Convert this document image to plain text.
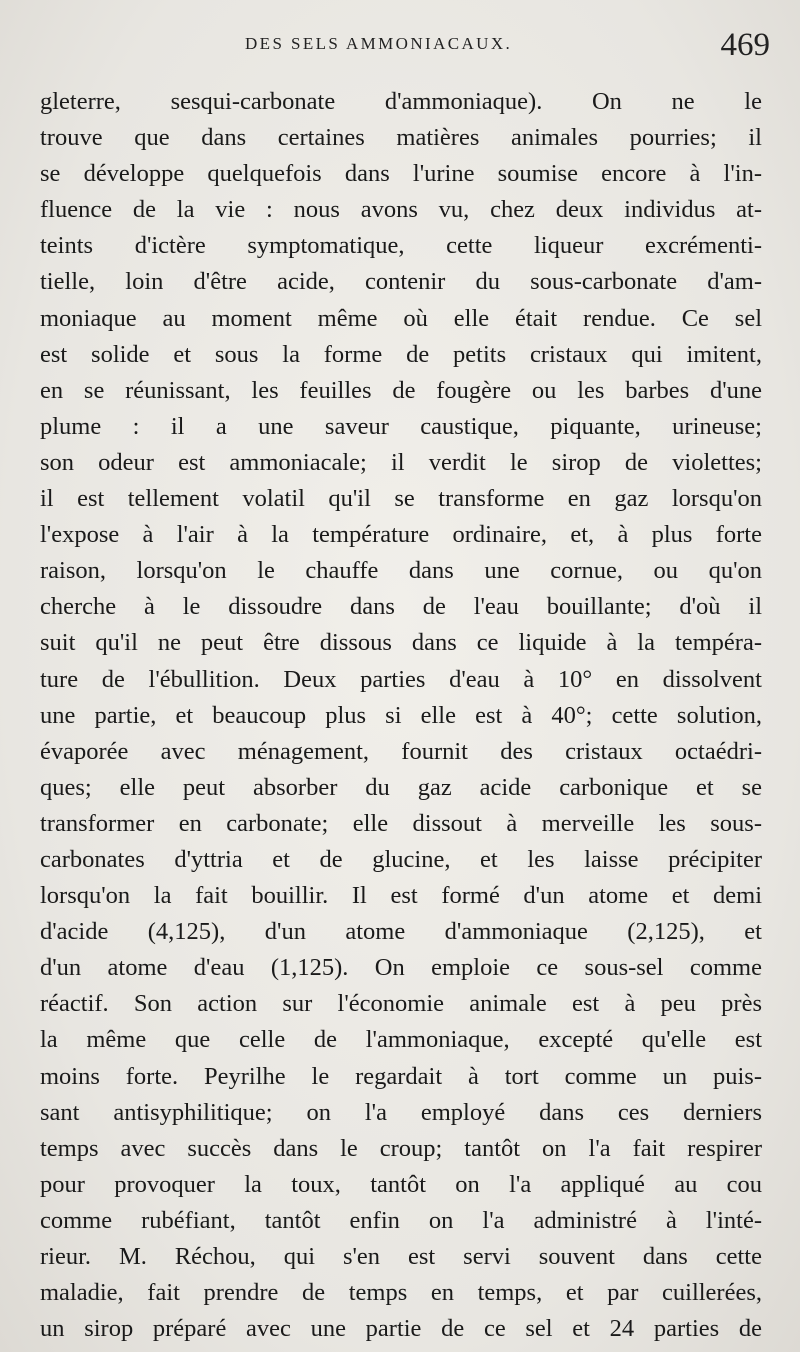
DES SELS AMMONIACAUX.	469
gleterre, sesqui-carbonate d'ammoniaque). On ne le
trouve que dans certaines matières animales pourries; il
se développe quelquefois dans l'urine soumise encore à l'in-
fluence de la vie : nous avons vu, chez deux individus at-
teints d'ictère symptomatique, cette liqueur excrémenti-
tielle, loin d'être acide, contenir du sous-carbonate d'am-
moniaque au moment même où elle était rendue. Ce sel
est solide et sous la forme de petits cristaux qui imitent,
en se réunissant, les feuilles de fougère ou les barbes d'une
plume : il a une saveur caustique, piquante, urineuse;
son odeur est ammoniacale; il verdit le sirop de violettes;
il est tellement volatil qu'il se transforme en gaz lorsqu'on
l'expose à l'air à la température ordinaire, et, à plus forte
raison, lorsqu'on le chauffe dans une cornue, ou qu'on
cherche à le dissoudre dans de l'eau bouillante; d'où il
suit qu'il ne peut être dissous dans ce liquide à la tempéra-
ture de l'ébullition. Deux parties d'eau à 10° en dissolvent
une partie, et beaucoup plus si elle est à 40°; cette solution,
évaporée avec ménagement, fournit des cristaux octaédri-
ques; elle peut absorber du gaz acide carbonique et se
transformer en carbonate; elle dissout à merveille les sous-
carbonates d'yttria et de glucine, et les laisse précipiter
lorsqu'on la fait bouillir. Il est formé d'un atome et demi
d'acide (4,125), d'un atome d'ammoniaque (2,125), et
d'un atome d'eau (1,125). On emploie ce sous-sel comme
réactif. Son action sur l'économie animale est à peu près
la même que celle de l'ammoniaque, excepté qu'elle est
moins forte. Peyrilhe le regardait à tort comme un puis-
sant antisyphilitique; on l'a employé dans ces derniers
temps avec succès dans le croup; tantôt on l'a fait respirer
pour provoquer la toux, tantôt on l'a appliqué au cou
comme rubéfiant, tantôt enfin on l'a administré à l'inté-
rieur. M. Réchou, qui s'en est servi souvent dans cette
maladie, fait prendre de temps en temps, et par cuillerées,
un sirop préparé avec une partie de ce sel et 24 parties de
